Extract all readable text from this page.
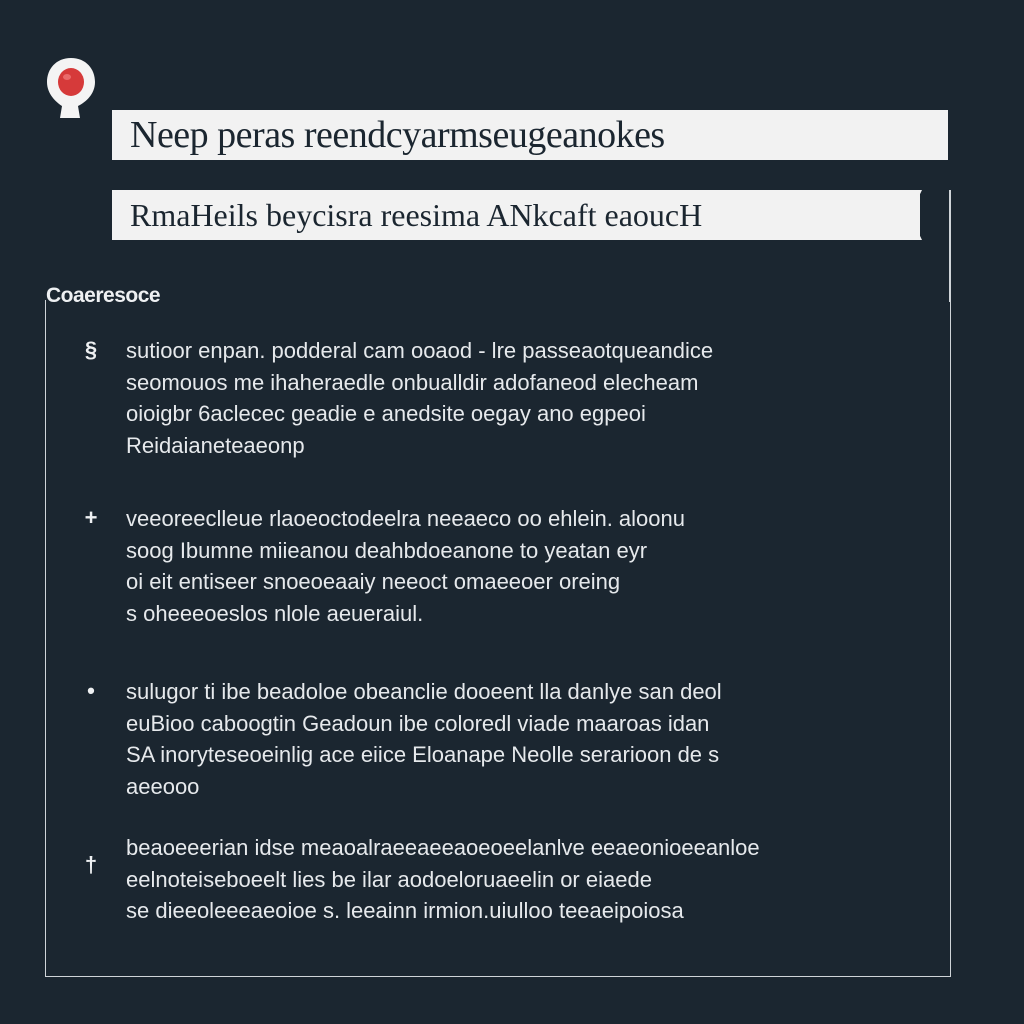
Neep peras reendcyarmseugeanokes
RmaHeils beycisra reesima ANkcaft eaoucH
Coaeresoce
§ sutioor enpan. podderal cam ooaod - lre passeaotqueandice
seomouos me ihaheraedle onbualldir adofaneod elecheam
oioigbr 6aclecec geadie e anedsite oegay ano egpeoi
Reidaianeteaeonp
+ veeoreeclleue rlaoeoctodeelra neeaeco oo ehlein. aloonu
soog Ibumne miieanou deahbdoeanone to yeatan eyr
oi eit entiseer snoeoeaaiy neeoct omaeeoer oreing
s oheeeoeslos nlole aeueraiul.
•	sulugor ti ibe beadoloe obeanclie dooeent lla danlye san deol
euBioo caboogtin Geadoun ibe coloredl viade maaroas idan
SA inoryteseoeinlig ace eiice Eloanape Neolle serarioon de s
aeeooo
†
beaoeeerian idse meaoalraeeaeeaoeoeelanlve eeaeonioeeanloe
eelnoteiseboeelt lies be ilar aodoeloruaeelin or eiaede
se dieeoleeeaeoioe s. leeainn irmion.uiulloo teeaeipoiosa
